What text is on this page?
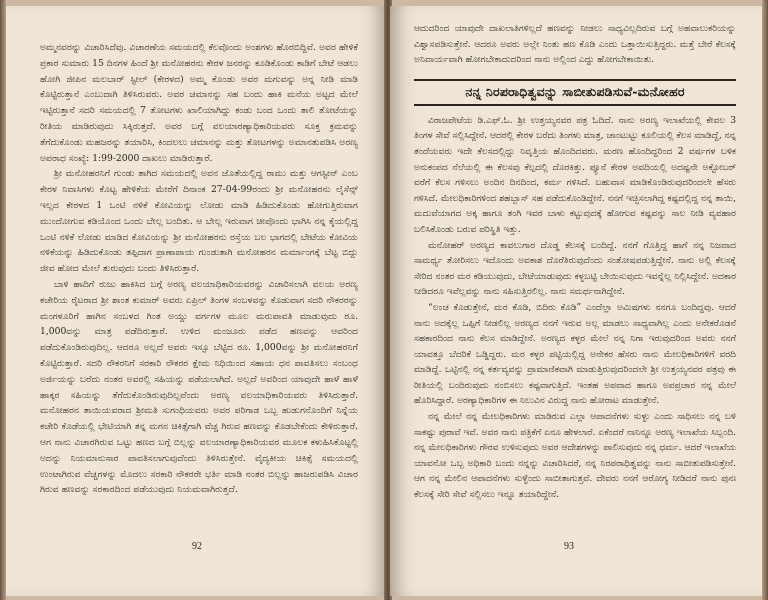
ಅಮ್ಮನವರನ್ನು ವಿಚಾರಿಸಿದೆವು. ವಿಚಾರಣೆಯ ಸಮಯದಲ್ಲಿ ಕೆಲವೊಂದು ಅಂಶಗಳು ಹೊರಬಿದ್ದಿವೆ. ಅವರ ಹೇಳಿಕೆ ಪ್ರಕಾರ ಸುಮಾರು 15 ದಿನಗಳ ಹಿಂದೆ ಶ್ರೀ ಮನೋಹರನು ಕೇರಳ ಜನರನ್ನು ಕೂಡಿಕೊಂಡು ಕಾಡಿಗೆ ಬೇಟೆ ಆಡಲು ಹೋಗಿ ಜೀಪಿನ ಮಲಬಾರ್ ಸ್ಟೀಲ್ (ಕೇರಳದ) ಅಮ್ಮ ಕೊಂಡು ಅವರ ಮಗುವನ್ನು ಅನ್ನ ನೀಡಿ ಮಾಡಿ ಕೊಟ್ಟಿರುತ್ತಾನೆ ಎಂಬುದಾಗಿ ತಿಳಿಸಿರುವರು. ಅವರ ಚಮಾನನ್ನು ಸಹ ಬಂದು ಹಾಕಿ ಮನೆಯ ಅಟ್ಟದ ಮೇಲೆ ಇಟ್ಟಿರುತ್ತಾನೆ ಸದರಿ ಸಮಯದಲ್ಲಿ 7 ತೋಟಗಳು ಖಾಲಿಯಾಗಿದ್ದು ಕಂಡು ಬಂದ ಒಂದು ತಾಲಿ ತೋಟೆಯನ್ನು ರೀತಿಯ ಮಾಡಿರುವುದು ಸಿಕ್ಕಿರುತ್ತದೆ. ಅವರ ಬಗ್ಗೆ ವಲಯಾರಣ್ಯಾಧಿಕಾರಿಯವರು ಸೂಕ್ತ ಕ್ರಮವನ್ನು ತೆಗೆದುಕೊಂಡು ಮಹಜರನ್ನು ತಯಾರಿಸಿ, ಕಿಂದಲಲು ಚಮಾನನ್ನು ಮತ್ತು ತೋಟಗಳನ್ನು ಅಮಾನತುಪಡಿಸಿ ಅರಣ್ಯ ಅಪರಾಧ ಸಂಖ್ಯೆ: 1:99-2000 ದಾಖಲು ಮಾಡಿರುತ್ತಾರೆ.

ಶ್ರೀ ಮನೋಹರನಿಗೆ ಗುಂಡು ತಾಗಿದ ಸಮಯದಲ್ಲಿ ಅವನ ಜೊತೆಯಲ್ಲಿದ್ದ ರಾಮು ಮತ್ತು ಆಗಸ್ಟೀನ್ ಎಂಬ ಕೇರಳ ನಿವಾಸಿಗಳು ಕೊಟ್ಟ ಹೇಳಿಕೆಯ ಮೇರೆಗೆ ದಿನಾಂಕ 27-04-99ರಂದು ಶ್ರೀ ಮನೋಹರನು ಲೈಸೆನ್ಸ್ ಇಲ್ಲದ ಕೇರಳದ 1 ಒಂಟಿ ನಳಿಕೆ ಕೋವಿಯನ್ನು ಲೋಡು ಮಾಡಿ ಹಿಡಿದುಕೊಂಡು ಹೋಗುತ್ತಿರುವಾಗ ಮುಂದೋಗುವ ಕಡಿಯೊಂದ ಒಂದು ಬೇಲ್ಲ ಬಂದಿತು. ಆ ಬೇಲ್ಲ ಇರುವಾಗ ಚೀಪೊಂದು ಭಾಗಿಸಿ ನನ್ನ ಕೈಯಲ್ಲಿದ್ದ ಒಂಟಿ ನಳಿಕೆ ಲೋಡು ಮಾಡಿದ ಕೋವಿಯನ್ನು ಶ್ರೀ ಮನೋಹರನು ರಸ್ತೆಯ ಬಲ ಭಾಗದಲ್ಲಿ ಬೇಟೆಯ ಕೋವಿಯ ನಳಿಕೆಯನ್ನು ಹಿಡಿದುಕೊಂಡು ತಪ್ಪಿದಾಗ ಪ್ರಾಣಾಪಾಯ ಗುಂಡುತಾಗಿ ಮನೋಹರನ ಮರ್ಮಾಂಗಕ್ಕೆ ಬೆಟ್ಟ ಬಿದ್ದು ಜೀವ ಹೋದ ಮೇಲೆ ತುರುವುದು ಬಂದು ತಿಳಿಸಿರುತ್ತಾರೆ.

ಬಾಳಿ ಹಾದಿಗೆ ರುಜು ಹಾಕಿಸಿದ ಬಗ್ಗೆ ಅರಣ್ಯ ವಲಯಾಧಿಕಾರಿಯವರನ್ನು ವಿಚಾರಿಸಲಾಗಿ ವಲಯ ಅರಣ್ಯ ಕಚೇರಿಯ ರೈಟರಾದ ಶ್ರೀ ಶಾಂತ ಕುಮಾರ್ ಅವರು ಏಪ್ರಿಲ್ ತಿಂಗಳ ಸಂಬಳವನ್ನು ಕೊಡುವಾಗ ಸದರಿ ನೌಕರರನ್ನು ಮಂಗಳೂರಿಗೆ ಹಾಗಿನ ಸಂಬಳದ ಗಿಂತ ಅಯ್ದು ವರ್ಗಗಳ ಮೂಲ ಮರುಪಾವತಿ ಮಾಡುವುದು ರೂ. 1,000ವನ್ನು ಮಾತ್ರ ಪಡೆದಿರುತ್ತಾರೆ. ಉಳಿದ ಮಂಜೂರು ಪಡೆದ ಹಣವನ್ನು ಆವರಿಂದ ಪಡೆದುಕೊಂಡಿರುವುದಿಲ್ಲ. ಆದರೂ ಅಲ್ಲದೆ ಅವರು ಇಸ್ಸೂ ಬೆಟ್ಟಿದ ರೂ. 1,000ವನ್ನು ಶ್ರೀ ಮನೋಹರನಿಗೆ ಕೊಟ್ಟಿರುತ್ತಾರೆ. ಸದರಿ ನೌಕರನಿಗೆ ಸರಕಾರಿ ನೌಕರರ ಕ್ಷೇಮ ನಿಧಿಯಿಂದ ಸಹಾಯ ಧನ ಪಾವತಿಸಲು ಸಂಬಂಧ ಅರ್ಜಿಯನ್ನು ಬರೆದು ನಂತರ ಅವರಲ್ಲಿ ಸಹಿಯನ್ನು ಪಡೆಯಲಾಗಿದೆ. ಅಲ್ಲದೆ ಅವರಿಂದ ಯಾವುದೇ ಹಾಳೆ ಹಾಳೆ ಹಾಕ್ಕರ ಸಹಿಯನ್ನು ತೆಗೆದುಕೊಂಡಿರುವುದಿಲ್ಲವೆಂದು ಅರಣ್ಯ ವಲಯಾಧಿಕಾರಿಯವರು ತಿಳಿಸಿರುತ್ತಾರೆ. ಮನೋಹರನ ತಾಯಿಯವರಾದ ಶ್ರೀಮತಿ ಸುಗಂಧಿಯವರು ಅವರ ಪರಿಗಾಡ ಒಬ್ಬ ಹುಡುಗನೊಂದಿಗೆ ನಿನ್ನೆಯ ಕಚೇರಿ ಕೊಡೆಯಲ್ಲಿ ಭೇಟಿಯಾಗಿ ತನ್ನ ಮಗನ ಚಿಕಿತ್ಸೆಗಾಗಿ ವೆಚ್ಚ ಗಿರುವ ಹಣವನ್ನು ಕೊಡಬೇಕೆಂದು ಕೇಳಿರುತ್ತಾರೆ. ಆಗ ನಾನು ವಿಚಾರಗಿರುವ ಒಟ್ಟು ಹಣದ ಬಗ್ಗೆ ಬಿಲ್ಲನ್ನು ವಲಯಾರಣ್ಯಾಧಿಕಾರಿಯವರ ಮೂಲಕ ಕಳುಹಿಸಿಕೊಟ್ಟಲ್ಲಿ ಅದನ್ನು ನಿಯಮಾನುಸಾರ ಪಾವತಿಸಲಾಗುವುದೆಂದು ತಿಳಿಸಿರುತ್ತೇನೆ. ವೈದ್ಯಕೀಯ ಚಿಕಿತ್ಸೆ ಸಮಯದಲ್ಲಿ ಉಂಟಾಗಿರುವ ವೆಚ್ಚಗಳನ್ನು ಮೊದಲು ಸರಕಾರಿ ನೌಕರರೇ ಭರ್ತಿ ಮಾಡಿ ನಂತರ ಬಿಲ್ಲನ್ನು ಹಾಜರುಪಡಿಸಿ ವಿಚಾರ ಗಿರುವ ಹಣವನ್ನು ಸರಕಾರದಿಂದ ಪಡೆಯುವುದು ನಿಯಮವಾಗಿರುತ್ತದೆ.

92

ಆದುದರಿಂದ ಯಾವುದೇ ದಾಖಲಾತಿಗಳಿಲ್ಲದೆ ಹಣವನ್ನು ನೀಡಲು ಸಾಧ್ಯವಿಲ್ಲದಿರುವ ಬಗ್ಗೆ ಅಹವಾಲುಕರಿಯನ್ನು ವಿಶ್ವಾಸಪಡಿಸುತ್ತೇನೆ. ಆದರೂ ಅವರು ಅಲ್ಲೇ ನಿಂತು ಹಣ ಕೊಡಿ ಎಂದು ಒತ್ತಾಯಿಸುತ್ತಿದ್ದರು. ಮತ್ತೆ ಬೇರೆ ಕೆಲಸಕ್ಕೆ ಅನಿವಾರ್ಯವಾಗಿ ಹೋಗಬೇಕಾದುದರಿಂದ ನಾನು ಅಲ್ಲಿಂದ ಎದ್ದು ಹೋಗಬೇಕಾಯಿತು.

ನನ್ನ ನಿರಪರಾಧಿತ್ವವನ್ನು ಸಾಬೀತುಪಡಿಸುವೆ-ಮನೋಹರ

ವಿರಾಜಪೇಟೆಯ ಡಿ.ಎಫ್.ಓ. ಶ್ರೀ ಉತ್ತಯ್ಯನವರ ಪತ್ರ ಓದಿದೆ. ನಾನು ಅರಣ್ಯ ಇಲಾಖೆಯಲ್ಲಿ ಕೇವಲ 3 ತಿಂಗಳ ಸೇವೆ ಸಲ್ಲಿಸಿದ್ದೇನೆ. ಆದರಲ್ಲಿ ಕೇರಳ ಬರೆದು ತಿಂಗಳು ಮಾತ್ರ, ಚಾಂಟುಟ್ಟು ಕೂಲಿಯಲ್ಲಿ ಕೆಲಸ ಮಾಡಿದ್ದೆ, ನನ್ನ ತಂದೆಯವರು ಇದೇ ಕೆಲಸದಲ್ಲಿದ್ದು ನಿವೃತ್ತಿಯ ಹೊಂದಿದವರು. ಮರಣ ಹೊಂದಿದ್ದರಿಂದ 2 ವರ್ಷಗಳ ಬಳಿಕ ಅನುಕಂಪದ ನೆಲೆಯಲ್ಲಿ ಈ ಕೆಲಸವು ಕೆಲ್ಪದಲ್ಲಿ ದೊರಕಿತ್ತು. ಪ್ಯೂನೆ ಕೇರಳ ಅವದಿಯಲ್ಲಿ ಅದಷ್ಟನೇ ಅಕ್ಟೋಬರ್ ವರೆಗೆ ಕೆಲಸ ಗಳಿಸಲು ಅಂದಿನ ದಿನದಿಂದ, ಕರ್ಮ ಗಳಿಸಿದೆ. ಬಹುವಾಸ ಮಾಡಿಕೊಂಡಿರುವುದರಿಂದಲೇ ಹೆಸರು ಗಳಿಸಿದೆ. ಮೇಲಧಿಕಾರಿಗಳಿಂದ ಶಹಬ್ಬಾಸ್ ಸಹ ಪಡೆದುಕೊಂಡಿದ್ದೇನೆ. ನನಗೆ ಇಚ್ಛಿಸಲಾಗಿದ್ದ ಕಷ್ಟದಲ್ಲಿದ್ದ ನನ್ನ ತಾಯಿ, ಮದುವೆಯಾಗದ ಅಕ್ಕ ಹಾಗೂ ತಂಗಿ ಇವರ ಬಾಳು ಕಟ್ಟುವುದಕ್ಕೆ ಹೋಗುವ ಕಷ್ಟವನ್ನು ಸಾಲ ನೀಡಿ ವ್ಯವಹಾರ ಬಲಿಸಿಕೊಂಡು ಬರುವ ಪರಿಸ್ಥಿತಿ ಇತ್ತು.

ಮನೋಹರ್ ಅರಣ್ಯದ ಕಾವಲುಗಾರ ದೊಡ್ಡ ಕೆಲಸಕ್ಕೆ ಬಂದಿದ್ದೆ. ನನಗೆ ಗೊತ್ತಿದ್ದ ಹಾಗೆ ನನ್ನ ನಿಜವಾದ ಸಾಮರ್ಥ್ಯ ತೋರಿಸಲು ಇದೊಂದು ಅವಕಾಶ ದೊರೆತಿರುವುದೆಂದು ಸಂತೋಷಪಡುತ್ತಿದ್ದೇನೆ. ನಾನು ಅಲ್ಲಿ ಕೆಲಸಕ್ಕೆ ಸೇರಿದ ನಂತರ ಮರ ಕಡಿಯುವುದು, ಬೇಟೆಯಾಡುವುದು ಕಳ್ಳಬಟ್ಟಿ ಬೇಯಿಸುವುದು ಇವನ್ನೆಲ್ಲ ನಿಲ್ಲಿಸಿದ್ದೇನೆ. ಅದಕಾರ ನೀಡಿದರೂ ಇವೆಲ್ಲವನ್ನು ನಾನು ಸಹಿಸುತ್ತಿರಲಿಲ್ಲ. ನಾನು ಸಮರ್ಥನಾಗಿದ್ದೇನೆ.

“ಲಂಚ ಕೊಡುತ್ತೇನೆ, ಮರ ಕೊಡಿ, ಬಿದಿರು ಕೊಡಿ” ಎಂದೆಲ್ಲಾ ಅಮಿಷಗಳು ನನಗೂ ಬಂದಿದ್ದವು. ಆದರೆ ನಾನು ಅದಕ್ಕೆಲ್ಲ ಒಪ್ಪಿಗೆ ನೀಡಲಿಲ್ಲ ಅರಣ್ಯದ ನನಗೆ ಇರುವ ಅಲ್ಲ ಮಾಡಲು ಸಾಧ್ಯವಾಗಿಲ್ಲ ಎಂದು ಅನೇಕರೊಡನೆ ಸಹಕಾರದಿಂದ ನಾನು ಕೆಲಸ ಮಾಡಿದ್ದೇನೆ. ಅರಣ್ಯದ ಕಳ್ಳರ ಮೇಲೆ ನನ್ನ ನಿಗಾ ಇರುವುದರಿಂದ ಅವರು ನನಗೆ ಯಾವತ್ತೂ ಬೆದರಿಕೆ ಒಡ್ಡಿದ್ದರು. ಮರ ಕಳ್ಳರ ಪಟ್ಟಿಯಲ್ಲಿದ್ದ ಅನೇಕರ ಹೆಸರು ನಾನು ಮೇಲಧಿಕಾರಿಗಳಿಗೆ ವರದಿ ಮಾಡಿದ್ದೆ. ಒಟ್ಟಿನಲ್ಲಿ ನನ್ನ ಕರ್ತವ್ಯವನ್ನು ಪ್ರಾಮಾಣಿಕವಾಗಿ ಮಾಡುತ್ತಿರುವುದರಿಂದಲೇ ಶ್ರೀ ಉತ್ತಯ್ಯನವರ ಪತ್ರವು ಈ ರೀತಿಯಲ್ಲಿ ಬಂದಿರುವುದು ನಂಬಿಸಲು ಕಷ್ಟವಾಗುತ್ತಿದೆ. ಇಂತಹ ಅಪವಾದ ಹಾಗೂ ಅಪಪ್ರಚಾರ ನನ್ನ ಮೇಲೆ ಹೊರಿಸಿದ್ದಾರೆ. ಅರಣ್ಯಾಧಿಕಾರಿಗಳ ಈ ನಿಲುವಿನ ವಿರುದ್ಧ ನಾನು ಹೋರಾಟ ಮಾಡುತ್ತೇನೆ.

ನನ್ನ ಮೇಲೆ ನನ್ನ ಮೇಲಧಿಕಾರಿಗಳು ಮಾಡಿರುವ ಎಲ್ಲಾ ಆಪಾದನೆಗಳು ಸುಳ್ಳು ಎಂದು ಸಾಧಿಸಲು ನನ್ನ ಬಳಿ ಸಾಕಷ್ಟು ಪುರಾವೆ ಇವೆ. ಅವರ ನಾನು ಪತ್ರಿಕೆಗೆ ಏನೂ ಹೇಳಲಾರೆ. ಏಕೆಂದರೆ ನಾನಿನ್ನೂ ಅರಣ್ಯ ಇಲಾಖೆಯ ಸಿಬ್ಬಂದಿ. ನನ್ನ ಮೇಲಧಿಕಾರಿಗಳು ಗೌರವ ಉಳಿಸುವುದು ಅವರ ಆದೇಶಗಳನ್ನು ಪಾಲಿಸುವುದು ನನ್ನ ಧರ್ಮ. ಆದರೆ ಇಲಾಖೆಯ ಯಾವನೋ ಒಬ್ಬ ಅಧಿಕಾರಿ ಬಂದು ನನ್ನನ್ನು ವಿಚಾರಿಸಿದರೆ, ನನ್ನ ನಿರಪರಾಧಿತ್ವವನ್ನು ನಾನು ಸಾಬೀತುಪಡಿಸುತ್ತೇನೆ. ಆಗ ನನ್ನ ಮೇಲಿನ ಆಪಾದನೆಗಳು ಸುಳ್ಳೆಂದು ಸಾಬೀತಾಗುತ್ತವೆ. ದೇವರು ನನಗೆ ಆರೋಗ್ಯ ನೀಡಿದರೆ ನಾನು ಪುನಃ ಕೆಲಸಕ್ಕೆ ಸೇರಿ ಸೇವೆ ಸಲ್ಲಿಸಲು ಇನ್ನೂ ತಯಾರಿದ್ದೇನೆ.

93
